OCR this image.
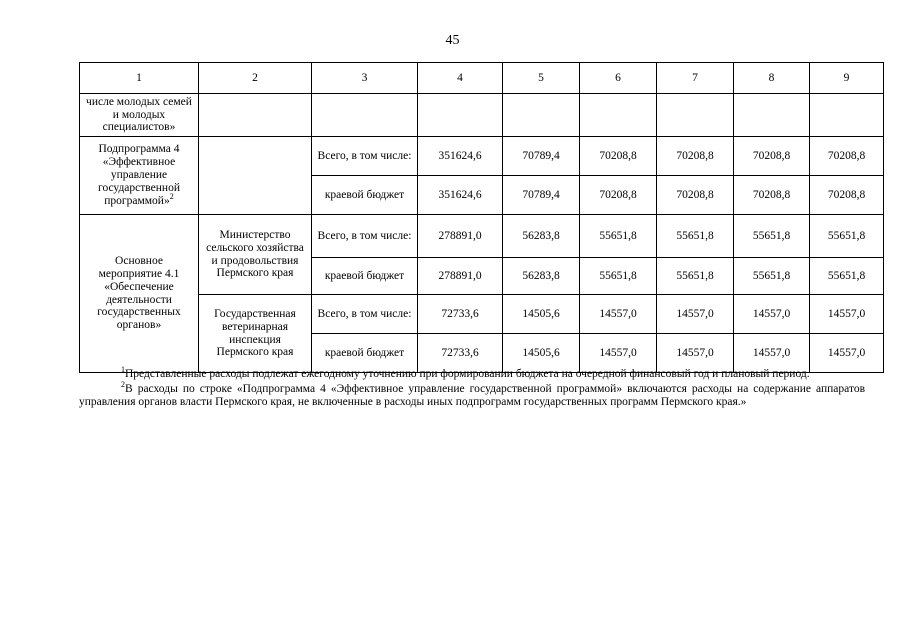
45
1	2	3	4	5	6	7	8	9
числе молодых семей и молодых специалистов»								
Подпрограмма 4 «Эффективное управление государственной программой»$^2$		Всего, в том числе:	351624,6	70789,4	70208,8	70208,8	70208,8	70208,8
		краевой бюджет	351624,6	70789,4	70208,8	70208,8	70208,8	70208,8
Основное мероприятие 4.1 «Обеспечение деятельности государственных органов»	Министерство сельского хозяйства и продовольствия Пермского края	Всего, в том числе:	278891,0	56283,8	55651,8	55651,8	55651,8	55651,8
		краевой бюджет	278891,0	56283,8	55651,8	55651,8	55651,8	55651,8
	Государственная ветеринарная инспекция Пермского края	Всего, в том числе:	72733,6	14505,6	14557,0	14557,0	14557,0	14557,0
		краевой бюджет	72733,6	14505,6	14557,0	14557,0	14557,0	14557,0

$^1$Представленные расходы подлежат ежегодному уточнению при формировании бюджета на очередной финансовый год и плановый период.

$^2$В расходы по строке «Подпрограмма 4 «Эффективное управление государственной программой» включаются расходы на содержание аппаратов управления органов власти Пермского края, не включенные в расходы иных подпрограмм государственных программ Пермского края.»
